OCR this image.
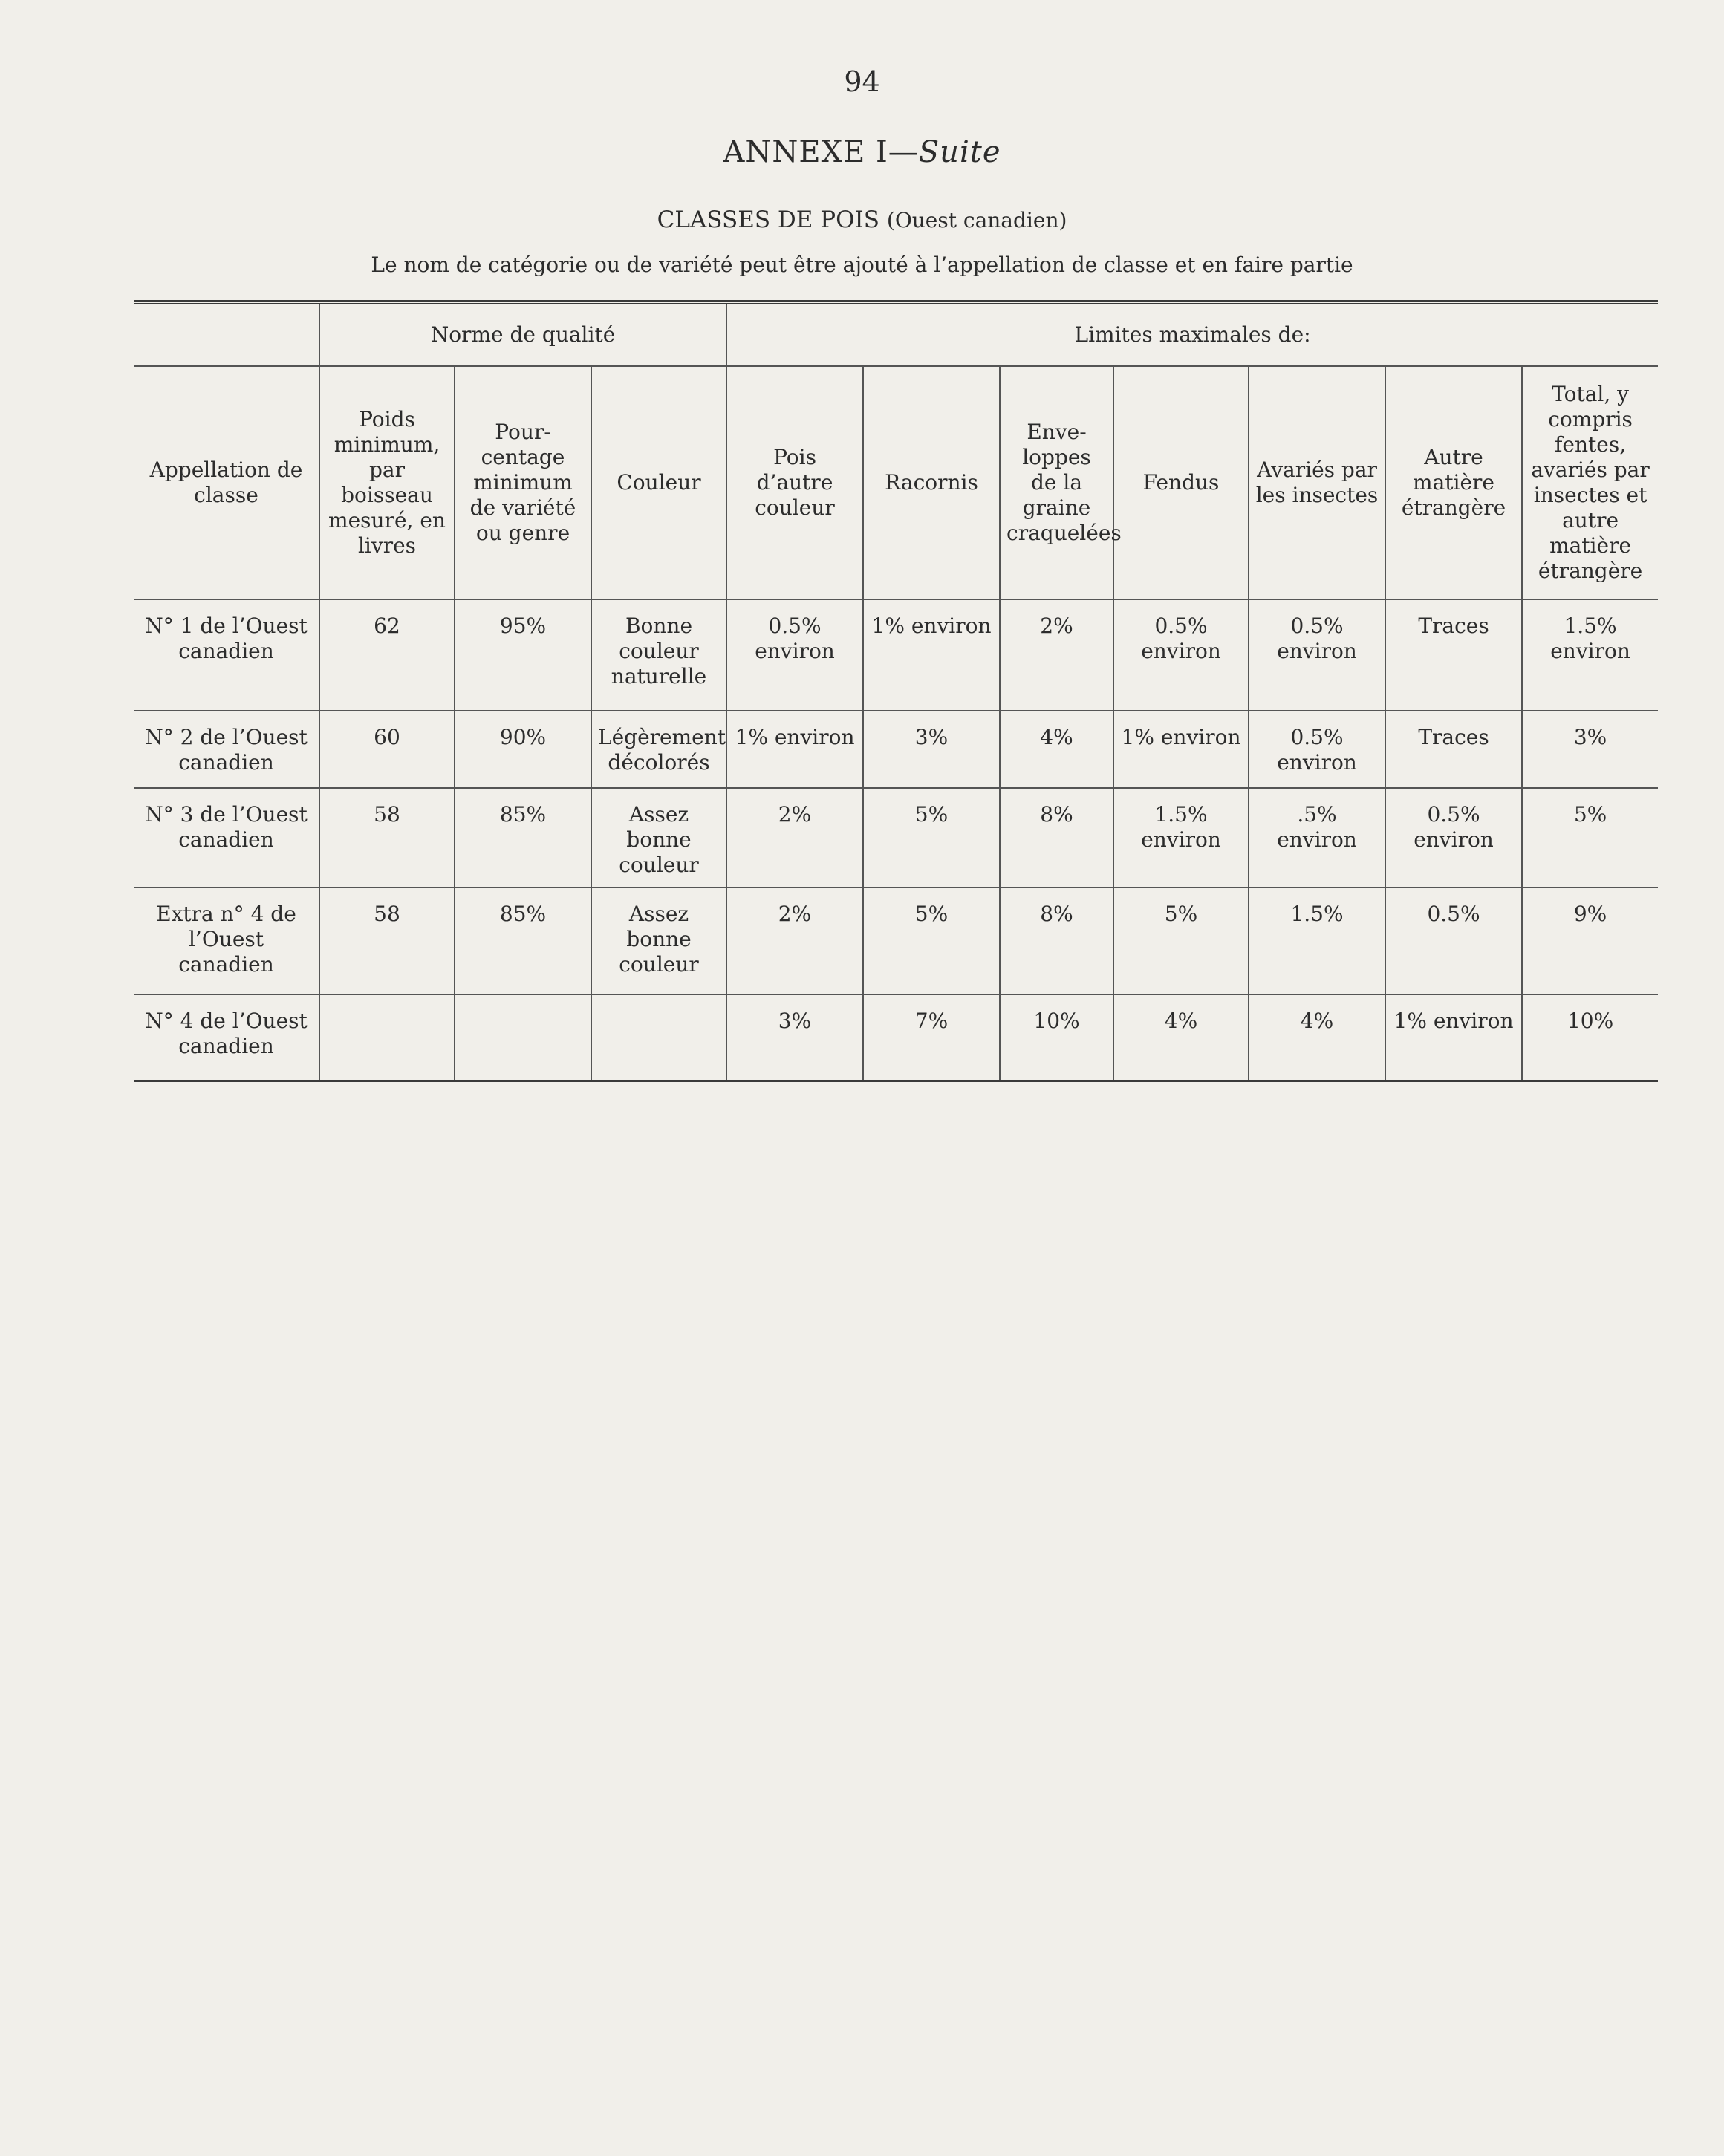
94
ANNEXE I—Suite
CLASSES DE POIS (Ouest canadien)
Le nom de catégorie ou de variété peut être ajouté à l’appellation de classe et en faire partie
	Norme de qualité			Limites maximales de:						
Appellation de classe	Poids minimum, par boisseau mesuré, en livres	Pour-centage minimum de variété ou genre	Couleur	Pois d’autre couleur	Racornis	Enve-loppes de la graine craquelées	Fendus	Avariés par les insectes	Autre matière étrangère	Total, y compris fentes, avariés par insectes et autre matière étrangère
N° 1 de l’Ouest canadien	62	95%	Bonne couleur naturelle	0.5% environ	1% environ	2%	0.5% environ	0.5% environ	Traces	1.5% environ
N° 2 de l’Ouest canadien	60	90%	Légèrement décolorés	1% environ	3%	4%	1% environ	0.5% environ	Traces	3%
N° 3 de l’Ouest canadien	58	85%	Assez bonne couleur	2%	5%	8%	1.5% environ	.5% environ	0.5% environ	5%
Extra n° 4 de l’Ouest canadien	58	85%	Assez bonne couleur	2%	5%	8%	5%	1.5%	0.5%	9%
N° 4 de l’Ouest canadien				3%	7%	10%	4%	4%	1% environ	10%
